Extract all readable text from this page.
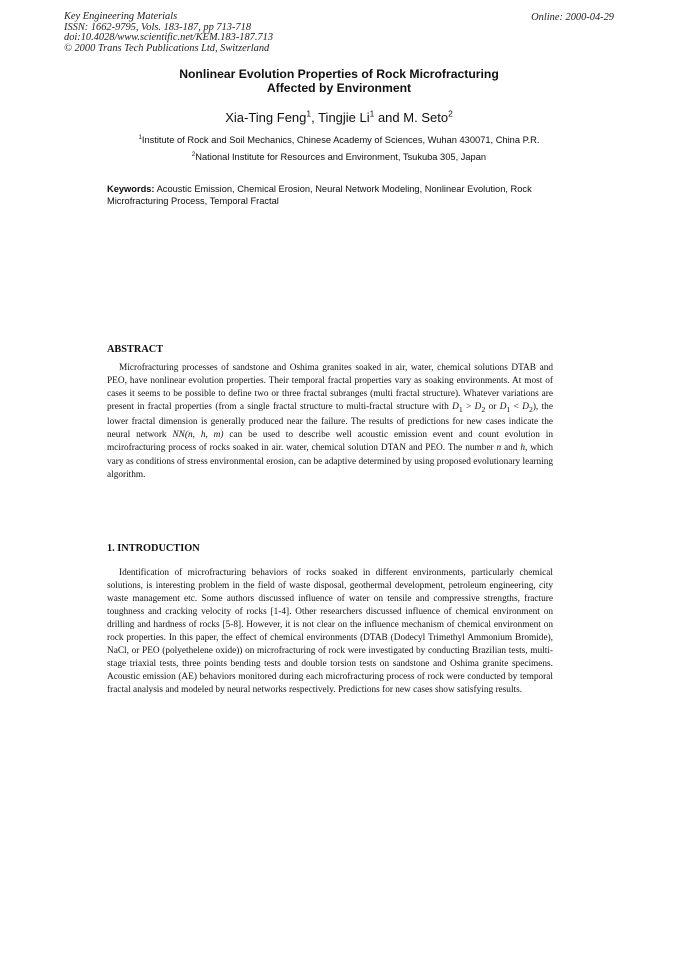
Key Engineering Materials
ISSN: 1662-9795, Vols. 183-187, pp 713-718
doi:10.4028/www.scientific.net/KEM.183-187.713
© 2000 Trans Tech Publications Ltd, Switzerland
Online: 2000-04-29
Nonlinear Evolution Properties of Rock Microfracturing
Affected by Environment
Xia-Ting Feng$^1$, Tingjie Li$^1$ and M. Seto$^2$
$^1$Institute of Rock and Soil Mechanics, Chinese Academy of Sciences, Wuhan 430071, China P.R.
$^2$National Institute for Resources and Environment, Tsukuba 305, Japan
Keywords: Acoustic Emission, Chemical Erosion, Neural Network Modeling, Nonlinear Evolution, Rock Microfracturing Process, Temporal Fractal
ABSTRACT

Microfracturing processes of sandstone and Oshima granites soaked in air, water, chemical solutions DTAB and PEO, have nonlinear evolution properties. Their temporal fractal properties vary as soaking environments. At most of cases it seems to be possible to define two or three fractal subranges (multi fractal structure). Whatever variations are present in fractal properties (from a single fractal structure to multi-fractal structure with $D_1 > D_2$ or $D_1 < D_2$), the lower fractal dimension is generally produced near the failure. The results of predictions for new cases indicate the neural network NN(n, h, m) can be used to describe well acoustic emission event and count evolution in mcirofracturing process of rocks soaked in air. water, chemical solution DTAN and PEO. The number n and h, which vary as conditions of stress environmental erosion, can be adaptive determined by using proposed evolutionary learning algorithm.

1. INTRODUCTION

Identification of microfracturing behaviors of rocks soaked in different environments, particularly chemical solutions, is interesting problem in the field of waste disposal, geothermal development, petroleum engineering, city waste management etc. Some authors discussed influence of water on tensile and compressive strengths, fracture toughness and cracking velocity of rocks [1-4]. Other researchers discussed influence of chemical environment on drilling and hardness of rocks [5-8]. However, it is not clear on the influence mechanism of chemical environment on rock properties. In this paper, the effect of chemical environments (DTAB (Dodecyl Trimethyl Ammonium Bromide), NaCl, or PEO (polyethelene oxide)) on microfracturing of rock were investigated by conducting Brazilian tests, multi-stage triaxial tests, three points bending tests and double torsion tests on sandstone and Oshima granite specimens. Acoustic emission (AE) behaviors monitored during each microfracturing process of rock were conducted by temporal fractal analysis and modeled by neural networks respectively. Predictions for new cases show satisfying results.
